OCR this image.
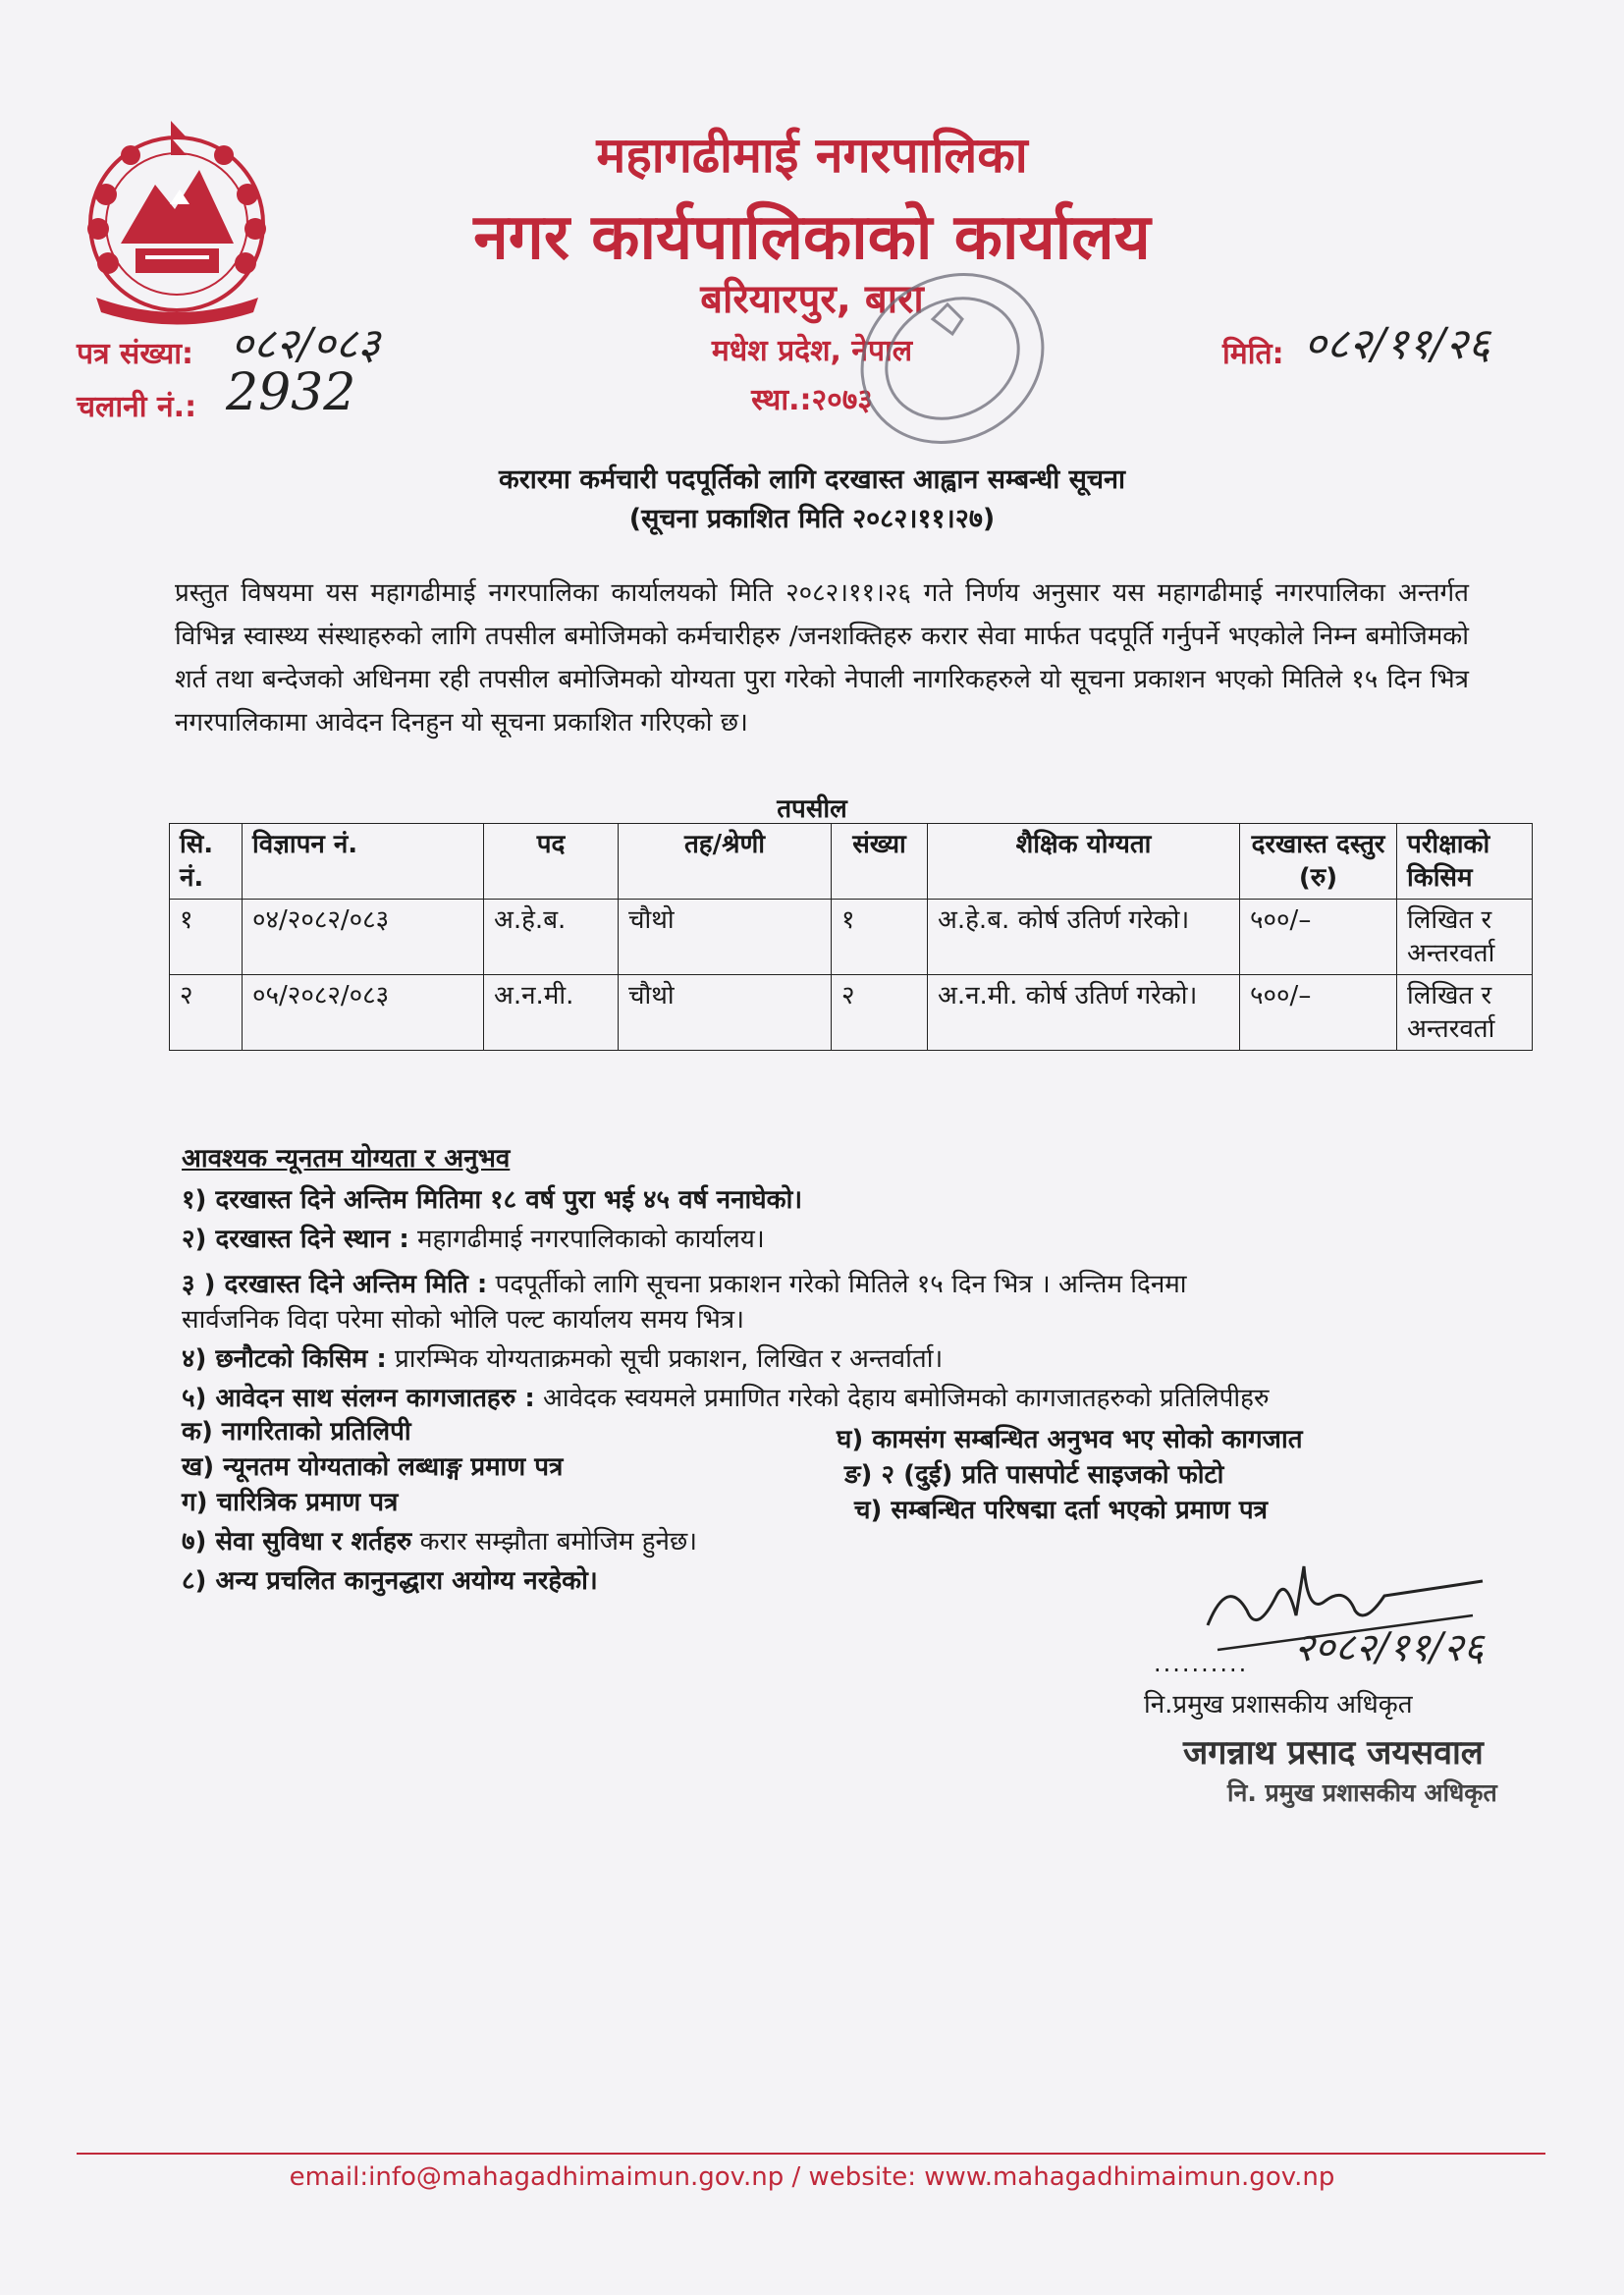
महागढीमाई नगरपालिका
नगर कार्यपालिकाको कार्यालय
बरियारपुर, बारा
मधेश प्रदेश, नेपाल
स्था.:२०७३
पत्र संख्या: ०८२/०८३
चलानी नं.: 2932
मिति: ०८२/११/२६
करारमा कर्मचारी पदपूर्तिको लागि दरखास्त आह्वान सम्बन्धी सूचना
(सूचना प्रकाशित मिति २०८२।११।२७)
प्रस्तुत विषयमा यस महागढीमाई नगरपालिका कार्यालयको मिति २०८२।११।२६ गते निर्णय अनुसार यस महागढीमाई नगरपालिका अन्तर्गत विभिन्न स्वास्थ्य संस्थाहरुको लागि तपसील बमोजिमको कर्मचारीहरु /जनशक्तिहरु करार सेवा मार्फत पदपूर्ति गर्नुपर्ने भएकोले निम्न बमोजिमको शर्त तथा बन्देजको अधिनमा रही तपसील बमोजिमको योग्यता पुरा गरेको नेपाली नागरिकहरुले यो सूचना प्रकाशन भएको मितिले १५ दिन भित्र नगरपालिकामा आवेदन दिनहुन यो सूचना प्रकाशित गरिएको छ।
तपसील
सि. नं.	विज्ञापन नं.	पद	तह/श्रेणी	संख्या	शैक्षिक योग्यता	दरखास्त दस्तुर (रु)	परीक्षाको किसिम
१	०४/२०८२/०८३	अ.हे.ब.	चौथो	१	अ.हे.ब. कोर्ष उतिर्ण गरेको।	५००/–	लिखित र अन्तरवर्ता
२	०५/२०८२/०८३	अ.न.मी.	चौथो	२	अ.न.मी. कोर्ष उतिर्ण गरेको।	५००/–	लिखित र अन्तरवर्ता
आवश्यक न्यूनतम योग्यता र अनुभव
१) दरखास्त दिने अन्तिम मितिमा १८ वर्ष पुरा भई ४५ वर्ष ननाघेको।
२) दरखास्त दिने स्थान : महागढीमाई नगरपालिकाको कार्यालय।
३ ) दरखास्त दिने अन्तिम मिति : पदपूर्तीको लागि सूचना प्रकाशन गरेको मितिले १५ दिन भित्र । अन्तिम दिनमा
सार्वजनिक विदा परेमा सोको भोलि पल्ट कार्यालय समय भित्र।
४) छनौटको किसिम : प्रारम्भिक योग्यताक्रमको सूची प्रकाशन, लिखित र अन्तर्वार्ता।
५) आवेदन साथ संलग्न कागजातहरु : आवेदक स्वयमले प्रमाणित गरेको देहाय बमोजिमको कागजातहरुको प्रतिलिपीहरु
क) नागरिताको प्रतिलिपी
ख) न्यूनतम योग्यताको लब्धाङ्ग प्रमाण पत्र
ग) चारित्रिक प्रमाण पत्र
घ) कामसंग सम्बन्धित अनुभव भए सोको कागजात
ङ) २ (दुई) प्रति पासपोर्ट साइजको फोटो
च) सम्बन्धित परिषद्मा दर्ता भएको प्रमाण पत्र
७) सेवा सुविधा र शर्तहरु करार सम्झौता बमोजिम हुनेछ।
८) अन्य प्रचलित कानुनद्धारा अयोग्य नरहेको।
२०८२/११/२६
..........
नि.प्रमुख प्रशासकीय अधिकृत
जगन्नाथ प्रसाद जयसवाल
नि. प्रमुख प्रशासकीय अधिकृत
email:info@mahagadhimaimun.gov.np / website: www.mahagadhimaimun.gov.np
